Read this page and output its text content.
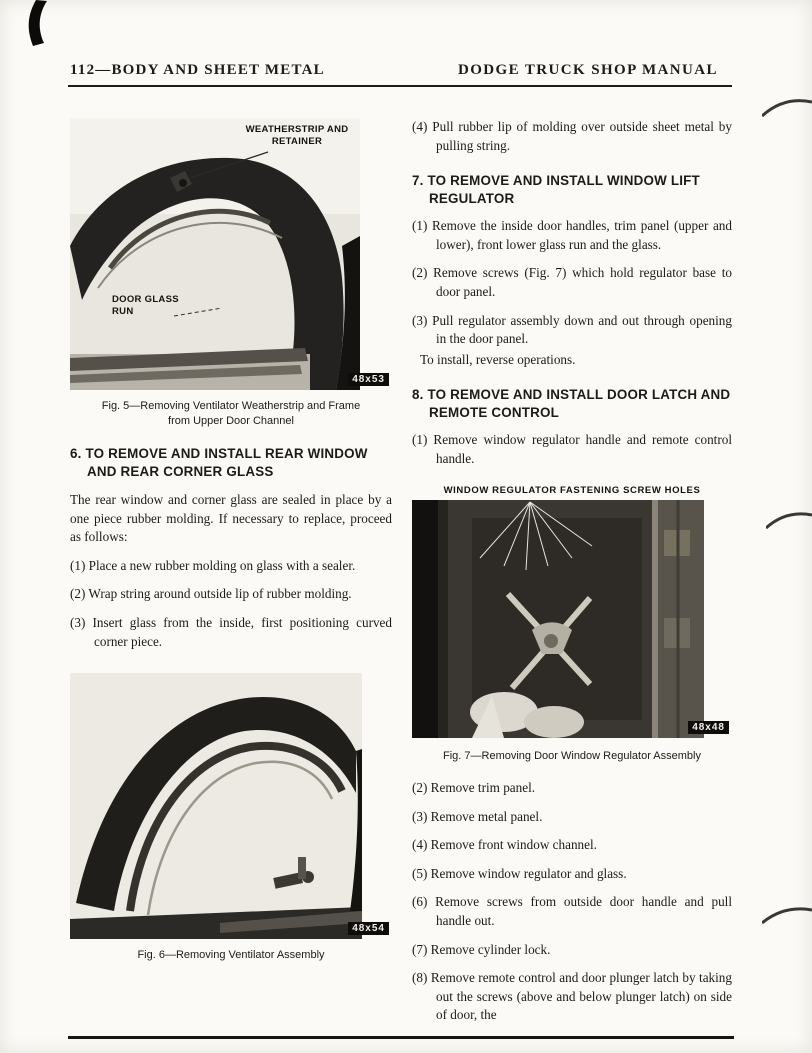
112—BODY AND SHEET METAL	DODGE TRUCK SHOP MANUAL
WEATHERSTRIP AND RETAINER
DOOR GLASS RUN
48x53
Fig. 5—Removing Ventilator Weatherstrip and Frame from Upper Door Channel
6. TO REMOVE AND INSTALL REAR WINDOW AND REAR CORNER GLASS
The rear window and corner glass are sealed in place by a one piece rubber molding. If necessary to replace, proceed as follows:
(1) Place a new rubber molding on glass with a sealer.
(2) Wrap string around outside lip of rubber molding.
(3) Insert glass from the inside, first positioning curved corner piece.
48x54
Fig. 6—Removing Ventilator Assembly
(4) Pull rubber lip of molding over outside sheet metal by pulling string.
7. TO REMOVE AND INSTALL WINDOW LIFT REGULATOR
(1) Remove the inside door handles, trim panel (upper and lower), front lower glass run and the glass.
(2) Remove screws (Fig. 7) which hold regulator base to door panel.
(3) Pull regulator assembly down and out through opening in the door panel.
To install, reverse operations.
8. TO REMOVE AND INSTALL DOOR LATCH AND REMOTE CONTROL
(1) Remove window regulator handle and remote control handle.
WINDOW REGULATOR FASTENING SCREW HOLES
48x48
Fig. 7—Removing Door Window Regulator Assembly
(2) Remove trim panel.
(3) Remove metal panel.
(4) Remove front window channel.
(5) Remove window regulator and glass.
(6) Remove screws from outside door handle and pull handle out.
(7) Remove cylinder lock.
(8) Remove remote control and door plunger latch by taking out the screws (above and below plunger latch) on side of door, the
